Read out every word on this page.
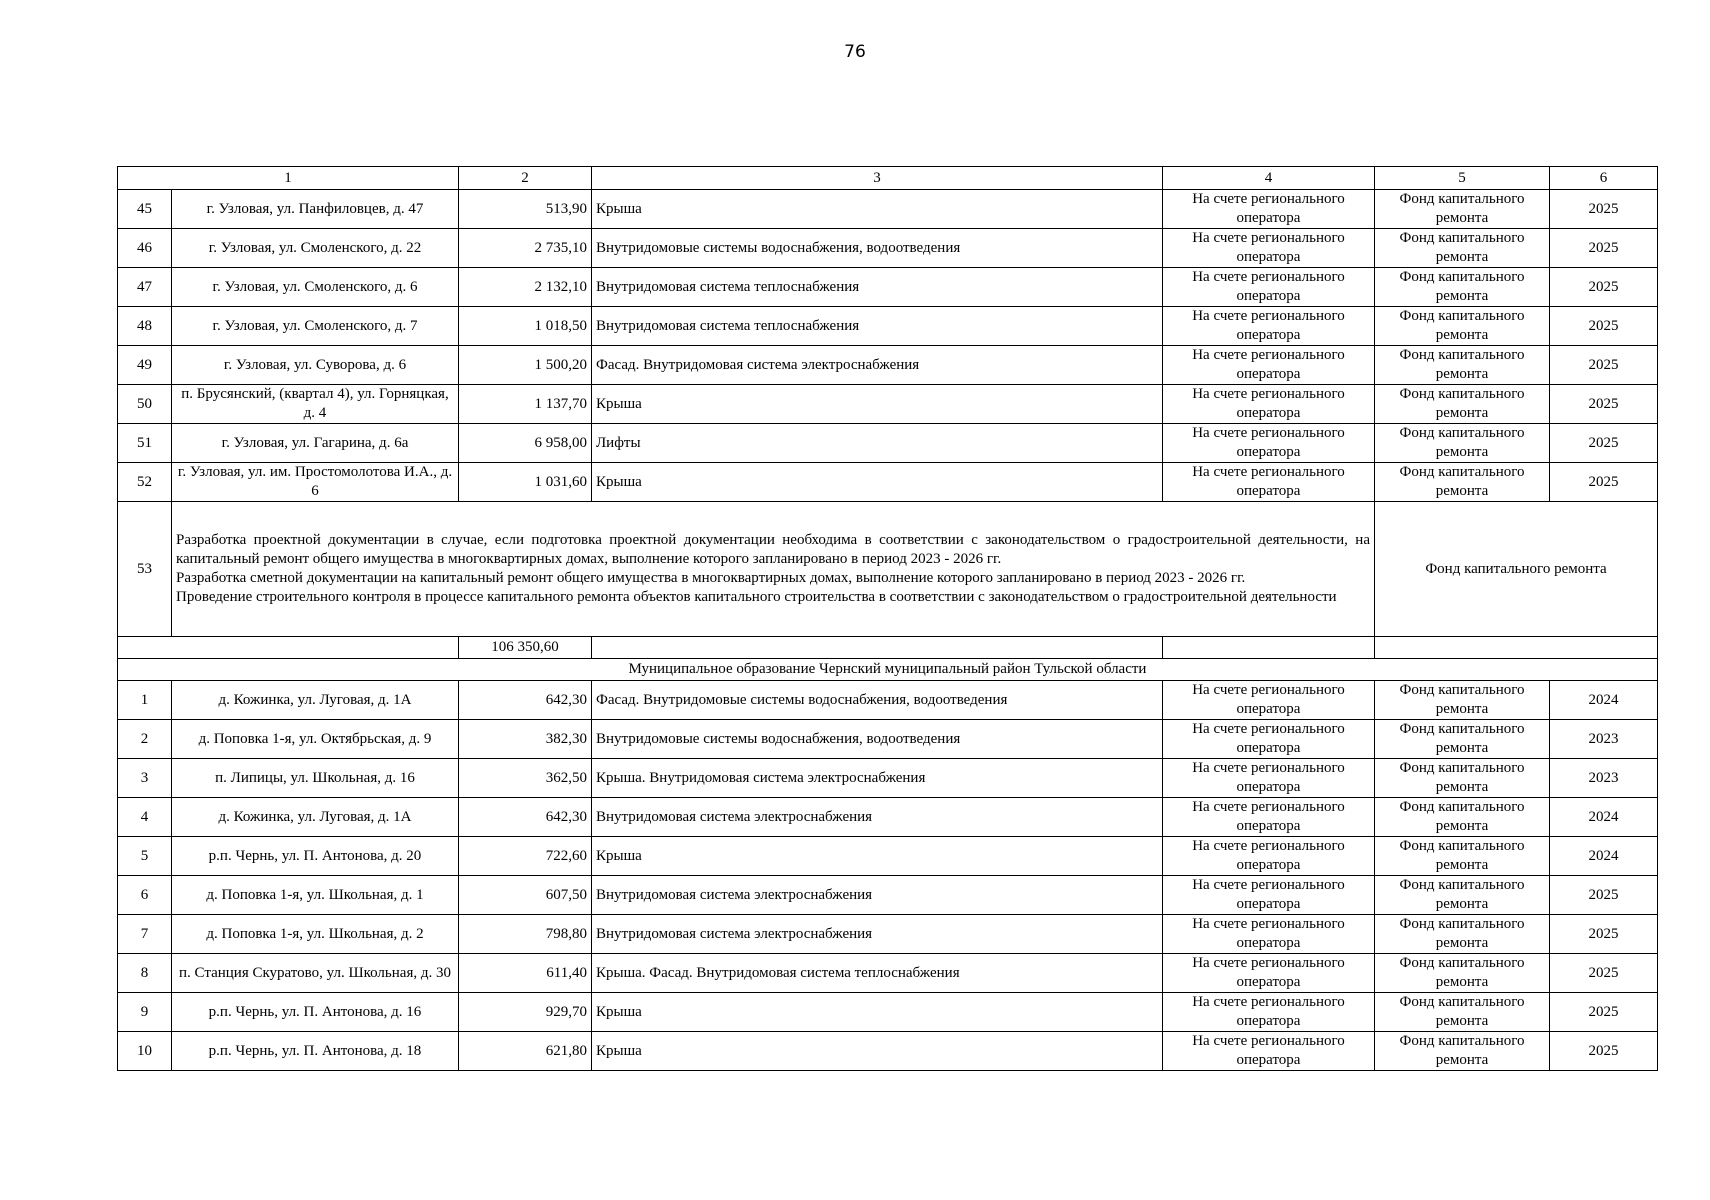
76
1		2	3	4	5	6
45	г. Узловая, ул. Панфиловцев, д. 47	513,90	Крыша	На счете регионального оператора	Фонд капитального ремонта	2025
46	г. Узловая, ул. Смоленского, д. 22	2 735,10	Внутридомовые системы водоснабжения, водоотведения	На счете регионального оператора	Фонд капитального ремонта	2025
47	г. Узловая, ул. Смоленского, д. 6	2 132,10	Внутридомовая система теплоснабжения	На счете регионального оператора	Фонд капитального ремонта	2025
48	г. Узловая, ул. Смоленского, д. 7	1 018,50	Внутридомовая система теплоснабжения	На счете регионального оператора	Фонд капитального ремонта	2025
49	г. Узловая, ул. Суворова, д. 6	1 500,20	Фасад. Внутридомовая система электроснабжения	На счете регионального оператора	Фонд капитального ремонта	2025
50	п. Брусянский, (квартал 4), ул. Горняцкая, д. 4	1 137,70	Крыша	На счете регионального оператора	Фонд капитального ремонта	2025
51	г. Узловая, ул. Гагарина, д. 6а	6 958,00	Лифты	На счете регионального оператора	Фонд капитального ремонта	2025
52	г. Узловая, ул. им. Простомолотова И.А., д. 6	1 031,60	Крыша	На счете регионального оператора	Фонд капитального ремонта	2025
53	Разработка проектной документации в случае, если подготовка проектной документации необходима в соответствии с законодательством о градостроительной деятельности, на капитальный ремонт общего имущества в многоквартирных домах, выполнение которого запланировано в период 2023 - 2026 гг.

Разработка сметной документации на капитальный ремонт общего имущества в многоквартирных домах, выполнение которого запланировано в период 2023 - 2026 гг.

Проведение строительного контроля в процессе капитального ремонта объектов капитального строительства в соответствии с законодательством о градостроительной деятельности				Фонд капитального ремонта	
		106 350,60				
Муниципальное образование Чернский муниципальный район Тульской области						
1	д. Кожинка, ул. Луговая, д. 1А	642,30	Фасад. Внутридомовые системы водоснабжения, водоотведения	На счете регионального оператора	Фонд капитального ремонта	2024
2	д. Поповка 1-я, ул. Октябрьская, д. 9	382,30	Внутридомовые системы водоснабжения, водоотведения	На счете регионального оператора	Фонд капитального ремонта	2023
3	п. Липицы, ул. Школьная, д. 16	362,50	Крыша. Внутридомовая система электроснабжения	На счете регионального оператора	Фонд капитального ремонта	2023
4	д. Кожинка, ул. Луговая, д. 1А	642,30	Внутридомовая система электроснабжения	На счете регионального оператора	Фонд капитального ремонта	2024
5	р.п. Чернь, ул. П. Антонова, д. 20	722,60	Крыша	На счете регионального оператора	Фонд капитального ремонта	2024
6	д. Поповка 1-я, ул. Школьная, д. 1	607,50	Внутридомовая система электроснабжения	На счете регионального оператора	Фонд капитального ремонта	2025
7	д. Поповка 1-я, ул. Школьная, д. 2	798,80	Внутридомовая система электроснабжения	На счете регионального оператора	Фонд капитального ремонта	2025
8	п. Станция Скуратово, ул. Школьная, д. 30	611,40	Крыша. Фасад. Внутридомовая система теплоснабжения	На счете регионального оператора	Фонд капитального ремонта	2025
9	р.п. Чернь, ул. П. Антонова, д. 16	929,70	Крыша	На счете регионального оператора	Фонд капитального ремонта	2025
10	р.п. Чернь, ул. П. Антонова, д. 18	621,80	Крыша	На счете регионального оператора	Фонд капитального ремонта	2025
